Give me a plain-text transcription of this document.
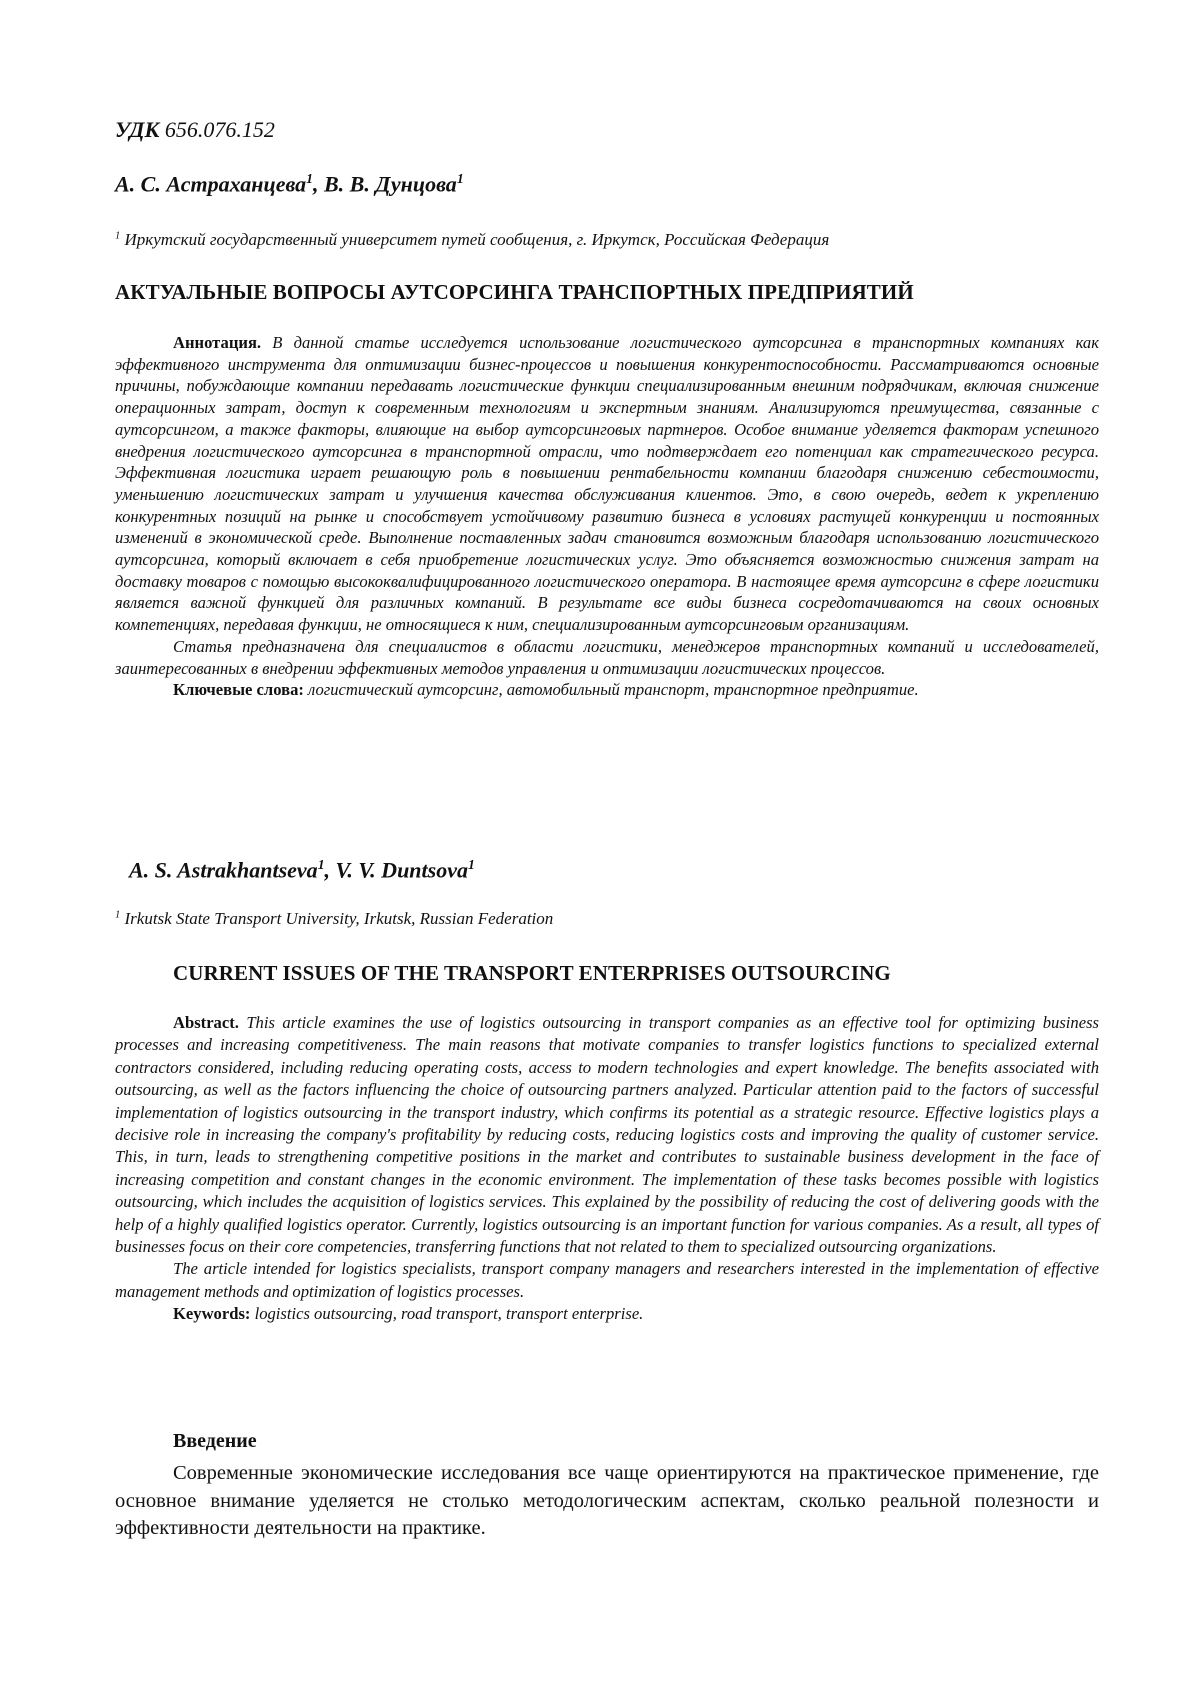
УДК 656.076.152
А. С. Астраханцева$^1$, В. В. Дунцова$^1$
$^1$ Иркутский государственный университет путей сообщения, г. Иркутск, Российская Федерация
АКТУАЛЬНЫЕ ВОПРОСЫ АУТСОРСИНГА ТРАНСПОРТНЫХ ПРЕДПРИЯТИЙ

Аннотация. В данной статье исследуется использование логистического аутсорсинга в транспортных компаниях как эффективного инструмента для оптимизации бизнес-процессов и повышения конкурентоспособности. Рассматриваются основные причины, побуждающие компании передавать логистические функции специализированным внешним подрядчикам, включая снижение операционных затрат, доступ к современным технологиям и экспертным знаниям. Анализируются преимущества, связанные с аутсорсингом, а также факторы, влияющие на выбор аутсорсинговых партнеров. Особое внимание уделяется факторам успешного внедрения логистического аутсорсинга в транспортной отрасли, что подтверждает его потенциал как стратегического ресурса. Эффективная логистика играет решающую роль в повышении рентабельности компании благодаря снижению себестоимости, уменьшению логистических затрат и улучшения качества обслуживания клиентов. Это, в свою очередь, ведет к укреплению конкурентных позиций на рынке и способствует устойчивому развитию бизнеса в условиях растущей конкуренции и постоянных изменений в экономической среде. Выполнение поставленных задач становится возможным благодаря использованию логистического аутсорсинга, который включает в себя приобретение логистических услуг. Это объясняется возможностью снижения затрат на доставку товаров с помощью высококвалифицированного логистического оператора. В настоящее время аутсорсинг в сфере логистики является важной функцией для различных компаний. В результате все виды бизнеса сосредотачиваются на своих основных компетенциях, передавая функции, не относящиеся к ним, специализированным аутсорсинговым организациям.

Статья предназначена для специалистов в области логистики, менеджеров транспортных компаний и исследователей, заинтересованных в внедрении эффективных методов управления и оптимизации логистических процессов.

Ключевые слова: логистический аутсорсинг, автомобильный транспорт, транспортное предприятие.

A. S. Astrakhantseva$^1$, V. V. Duntsova$^1$
$^1$ Irkutsk State Transport University, Irkutsk, Russian Federation
CURRENT ISSUES OF THE TRANSPORT ENTERPRISES OUTSOURCING

Abstract. This article examines the use of logistics outsourcing in transport companies as an effective tool for optimizing business processes and increasing competitiveness. The main reasons that motivate companies to transfer logistics functions to specialized external contractors considered, including reducing operating costs, access to modern technologies and expert knowledge. The benefits associated with outsourcing, as well as the factors influencing the choice of outsourcing partners analyzed. Particular attention paid to the factors of successful implementation of logistics outsourcing in the transport industry, which confirms its potential as a strategic resource. Effective logistics plays a decisive role in increasing the company's profitability by reducing costs, reducing logistics costs and improving the quality of customer service. This, in turn, leads to strengthening competitive positions in the market and contributes to sustainable business development in the face of increasing competition and constant changes in the economic environment. The implementation of these tasks becomes possible with logistics outsourcing, which includes the acquisition of logistics services. This explained by the possibility of reducing the cost of delivering goods with the help of a highly qualified logistics operator. Currently, logistics outsourcing is an important function for various companies. As a result, all types of businesses focus on their core competencies, transferring functions that not related to them to specialized outsourcing organizations.

The article intended for logistics specialists, transport company managers and researchers interested in the implementation of effective management methods and optimization of logistics processes.

Keywords: logistics outsourcing, road transport, transport enterprise.

Введение

Современные экономические исследования все чаще ориентируются на практическое применение, где основное внимание уделяется не столько методологическим аспектам, сколько реальной полезности и эффективности деятельности на практике.
